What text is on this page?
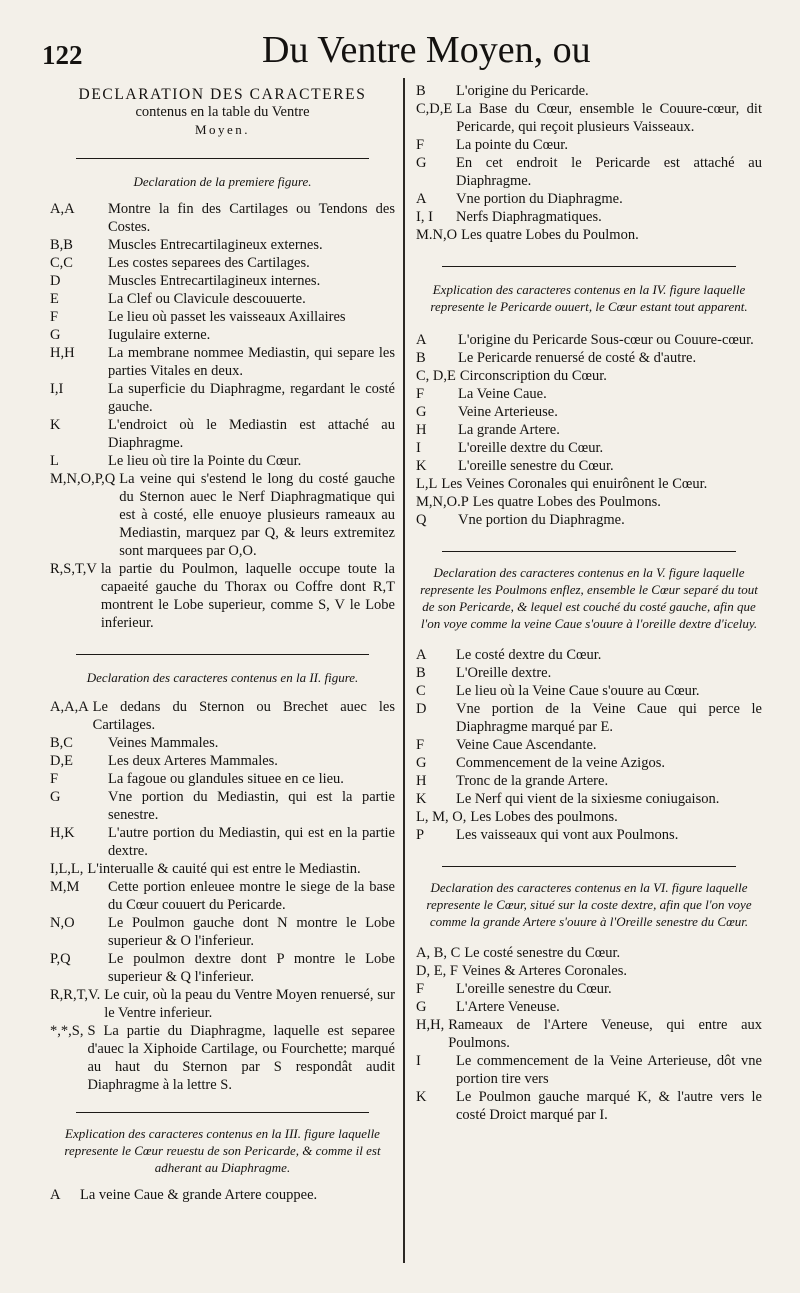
122	Du Ventre Moyen, ou
DECLARATION DES CARACTERES
contenus en la table du Ventre
Moyen.
Declaration de la premiere figure.
A,A	Montre la fin des Cartilages ou Tendons des Costes.
B,B	Muscles Entrecartilagineux externes.
C,C	Les costes separees des Cartilages.
D	Muscles Entrecartilagineux internes.
E	La Clef ou Clavicule descouuerte.
F	Le lieu où passet les vaisseaux Axillaires
G	Iugulaire externe.
H,H	La membrane nommee Mediastin, qui separe les parties Vitales en deux.
I,I	La superficie du Diaphragme, regardant le costé gauche.
K	L'endroict où le Mediastin est attaché au Diaphragme.
L	Le lieu où tire la Pointe du Cœur.
M,N,O,P,Q La veine qui s'estend le long du costé gauche du Sternon auec le Nerf Diaphragmatique qui est à costé, elle enuoye plusieurs rameaux au Mediastin, marquez par Q, & leurs extremitez sont marquees par O,O.
R,S,T,V la partie du Poulmon, laquelle occupe toute la capaeité gauche du Thorax ou Coffre dont R,T montrent le Lobe superieur, comme S, V le Lobe inferieur.
Declaration des caracteres contenus en la II. figure.
A,A,A Le dedans du Sternon ou Brechet auec les Cartilages.
B,C	Veines Mammales.
D,E	Les deux Arteres Mammales.
F	La fagoue ou glandules situee en ce lieu.
G	Vne portion du Mediastin, qui est la partie senestre.
H,K	L'autre portion du Mediastin, qui est en la partie dextre.
I,L,L, L'interualle & cauité qui est entre le Mediastin.
M,M	Cette portion enleuee montre le siege de la base du Cœur couuert du Pericarde.
N,O	Le Poulmon gauche dont N montre le Lobe superieur & O l'inferieur.
P,Q	Le poulmon dextre dont P montre le Lobe superieur & Q l'inferieur.
R,R,T,V. Le cuir, où la peau du Ventre Moyen renuersé, sur le Ventre inferieur.
*,*,S, S La partie du Diaphragme, laquelle est separee d'auec la Xiphoide Cartilage, ou Fourchette; marqué au haut du Sternon par S respondât audit Diaphragme à la lettre S.
Explication des caracteres contenus en la III. figure laquelle represente le Cœur reuestu de son Pericarde, & comme il est adherant au Diaphragme.
A	La veine Caue & grande Artere couppee.
B	L'origine du Pericarde.
C,D,E La Base du Cœur, ensemble le Couure-cœur, dit Pericarde, qui reçoit plusieurs Vaisseaux.
F	La pointe du Cœur.
G	En cet endroit le Pericarde est attaché au Diaphragme.
A	Vne portion du Diaphragme.
I, I	Nerfs Diaphragmatiques.
M.N,O Les quatre Lobes du Poulmon.
Explication des caracteres contenus en la IV. figure laquelle represente le Pericarde ouuert, le Cœur estant tout apparent.
A	L'origine du Pericarde Sous-cœur ou Couure-cœur.
B	Le Pericarde renuersé de costé & d'autre.
C, D,E Circonscription du Cœur.
F	La Veine Caue.
G	Veine Arterieuse.
H	La grande Artere.
I	L'oreille dextre du Cœur.
K	L'oreille senestre du Cœur.
L,L Les Veines Coronales qui enuirônent le Cœur.
M,N,O.P Les quatre Lobes des Poulmons.
Q	Vne portion du Diaphragme.
Declaration des caracteres contenus en la V. figure laquelle represente les Poulmons enflez, ensemble le Cœur separé du tout de son Pericarde, & lequel est couché du costé gauche, afin que l'on voye comme la veine Caue s'ouure à l'oreille dextre d'iceluy.
A	Le costé dextre du Cœur.
B	L'Oreille dextre.
C	Le lieu où la Veine Caue s'ouure au Cœur.
D	Vne portion de la Veine Caue qui perce le Diaphragme marqué par E.
F	Veine Caue Ascendante.
G	Commencement de la veine Azigos.
H	Tronc de la grande Artere.
K	Le Nerf qui vient de la sixiesme coniugaison.
L, M, O, Les Lobes des poulmons.
P	Les vaisseaux qui vont aux Poulmons.
Declaration des caracteres contenus en la VI. figure laquelle represente le Cœur, situé sur la coste dextre, afin que l'on voye comme la grande Artere s'ouure à l'Oreille senestre du Cœur.
A, B, C Le costé senestre du Cœur.
D, E, F Veines & Arteres Coronales.
F	L'oreille senestre du Cœur.
G	L'Artere Veneuse.
H,H, Rameaux de l'Artere Veneuse, qui entre aux Poulmons.
I	Le commencement de la Veine Arterieuse, dôt vne portion tire vers
K	Le Poulmon gauche marqué K, & l'autre vers le costé Droict marqué par I.
